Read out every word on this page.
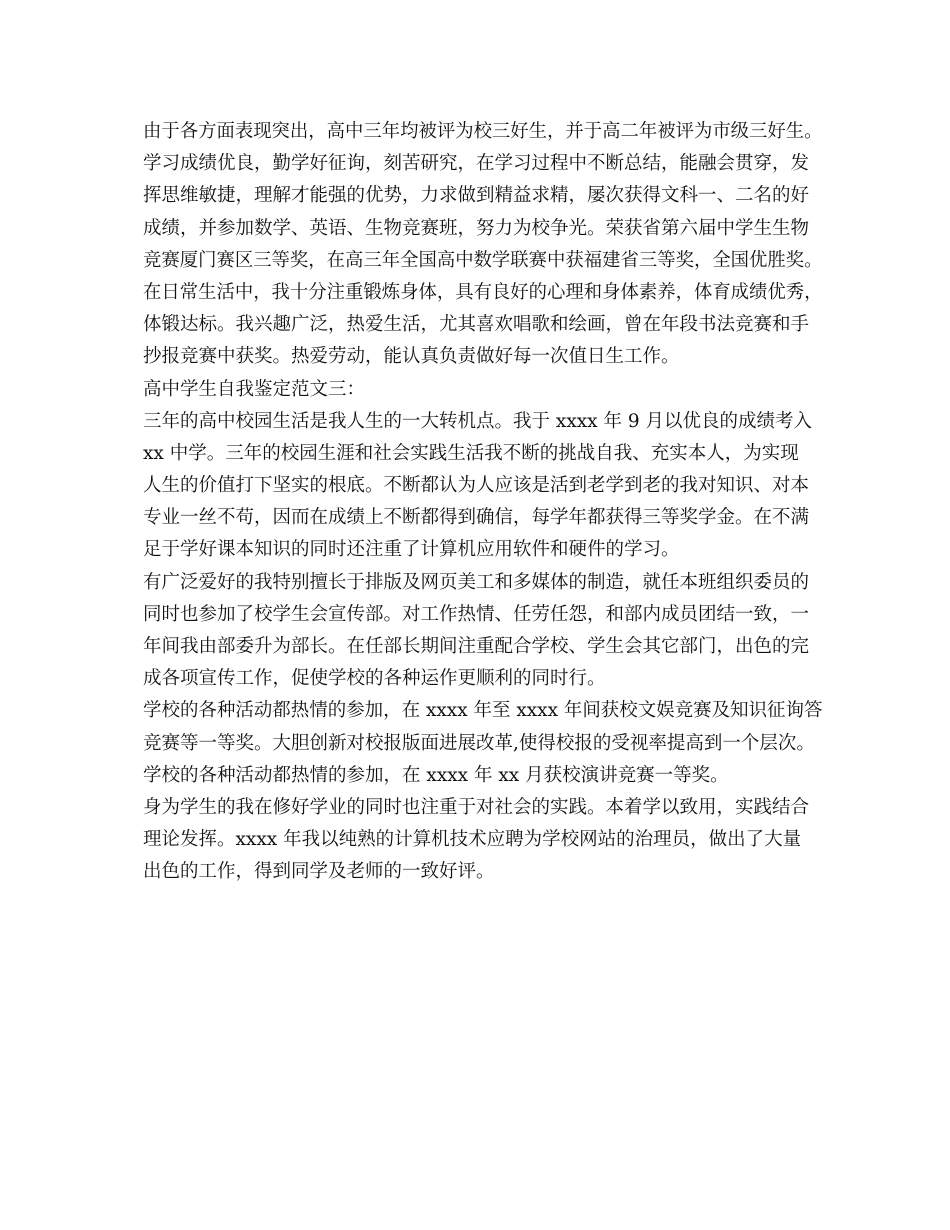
由于各方面表现突出，高中三年均被评为校三好生，并于高二年被评为市级三好生。
学习成绩优良，勤学好征询，刻苦研究，在学习过程中不断总结，能融会贯穿，发
挥思维敏捷，理解才能强的优势，力求做到精益求精，屡次获得文科一、二名的好
成绩，并参加数学、英语、生物竞赛班，努力为校争光。荣获省第六届中学生生物
竞赛厦门赛区三等奖，在高三年全国高中数学联赛中获福建省三等奖，全国优胜奖。
在日常生活中，我十分注重锻炼身体，具有良好的心理和身体素养，体育成绩优秀，
体锻达标。我兴趣广泛，热爱生活，尤其喜欢唱歌和绘画，曾在年段书法竞赛和手
抄报竞赛中获奖。热爱劳动，能认真负责做好每一次值日生工作。
高中学生自我鉴定范文三：
三年的高中校园生活是我人生的一大转机点。我于 xxxx 年 9 月以优良的成绩考入
xx 中学。三年的校园生涯和社会实践生活我不断的挑战自我、充实本人，为实现
人生的价值打下坚实的根底。不断都认为人应该是活到老学到老的我对知识、对本
专业一丝不苟，因而在成绩上不断都得到确信，每学年都获得三等奖学金。在不满
足于学好课本知识的同时还注重了计算机应用软件和硬件的学习。
有广泛爱好的我特别擅长于排版及网页美工和多媒体的制造，就任本班组织委员的
同时也参加了校学生会宣传部。对工作热情、任劳任怨，和部内成员团结一致，一
年间我由部委升为部长。在任部长期间注重配合学校、学生会其它部门，出色的完
成各项宣传工作，促使学校的各种运作更顺利的同时行。
学校的各种活动都热情的参加，在 xxxx 年至 xxxx 年间获校文娱竞赛及知识征询答
竞赛等一等奖。大胆创新对校报版面进展改革,使得校报的受视率提高到一个层次。
学校的各种活动都热情的参加，在 xxxx 年 xx 月获校演讲竞赛一等奖。
身为学生的我在修好学业的同时也注重于对社会的实践。本着学以致用，实践结合
理论发挥。xxxx 年我以纯熟的计算机技术应聘为学校网站的治理员，做出了大量
出色的工作，得到同学及老师的一致好评。
